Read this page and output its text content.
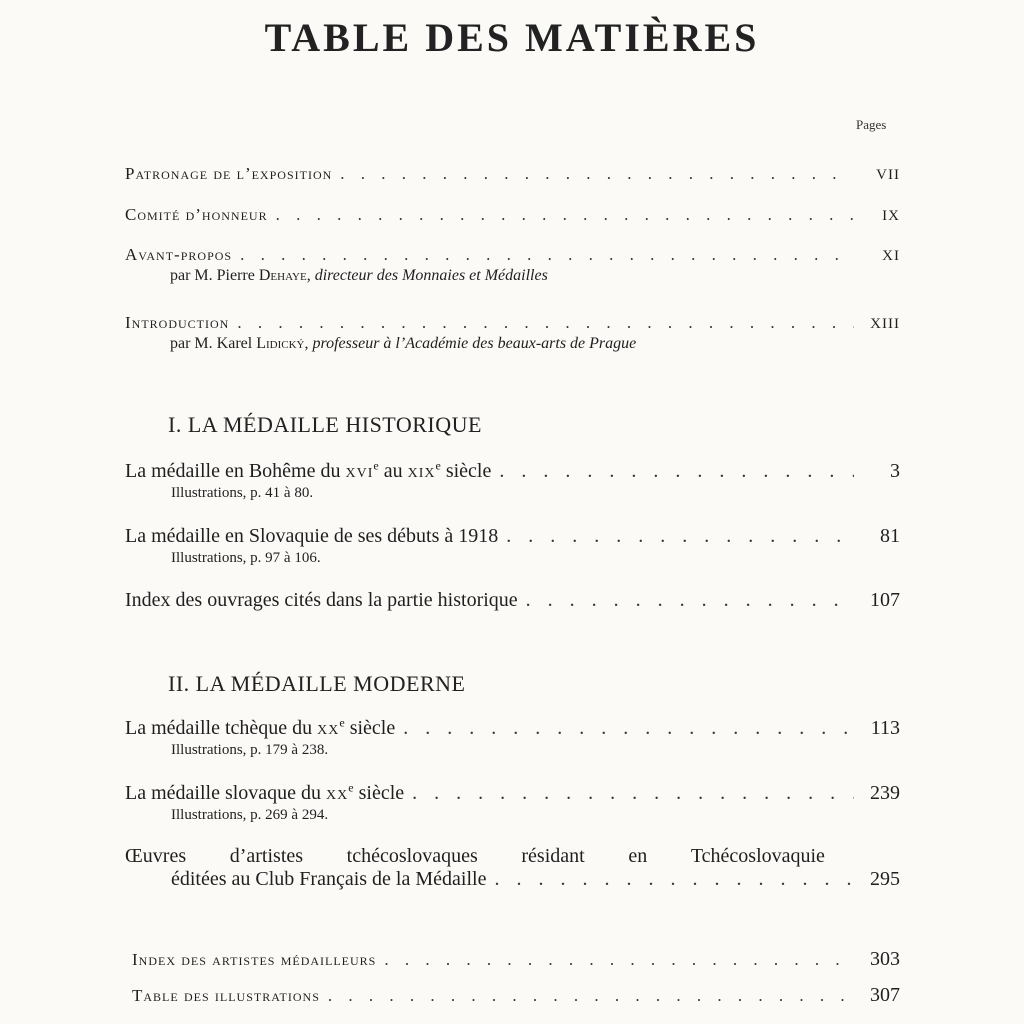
TABLE DES MATIÈRES
Pages
Patronage de l’exposition . . .	VII
Comité d’honneur . . .	IX
Avant-propos . . .	XI
par M. Pierre Dehaye, directeur des Monnaies et Médailles
Introduction . . .	XIII
par M. Karel Lidický, professeur à l’Académie des beaux-arts de Prague
I. LA MÉDAILLE HISTORIQUE
La médaille en Bohême du xvi$^e$ au xix$^e$ siècle . . .	3
Illustrations, p. 41 à 80.
La médaille en Slovaquie de ses débuts à 1918 . . .	81
Illustrations, p. 97 à 106.
Index des ouvrages cités dans la partie historique . . .	107
II. LA MÉDAILLE MODERNE
La médaille tchèque du $xx^e$ siècle . . .	113
Illustrations, p. 179 à 238.
La médaille slovaque du $xx^e$ siècle . . .	239
Illustrations, p. 269 à 294.
Œuvres d’artistes tchécoslovaques résidant en Tchécoslovaquie
éditées au Club Français de la Médaille . . .	295
Index des artistes médailleurs . . .	303
Table des illustrations . . .	307
